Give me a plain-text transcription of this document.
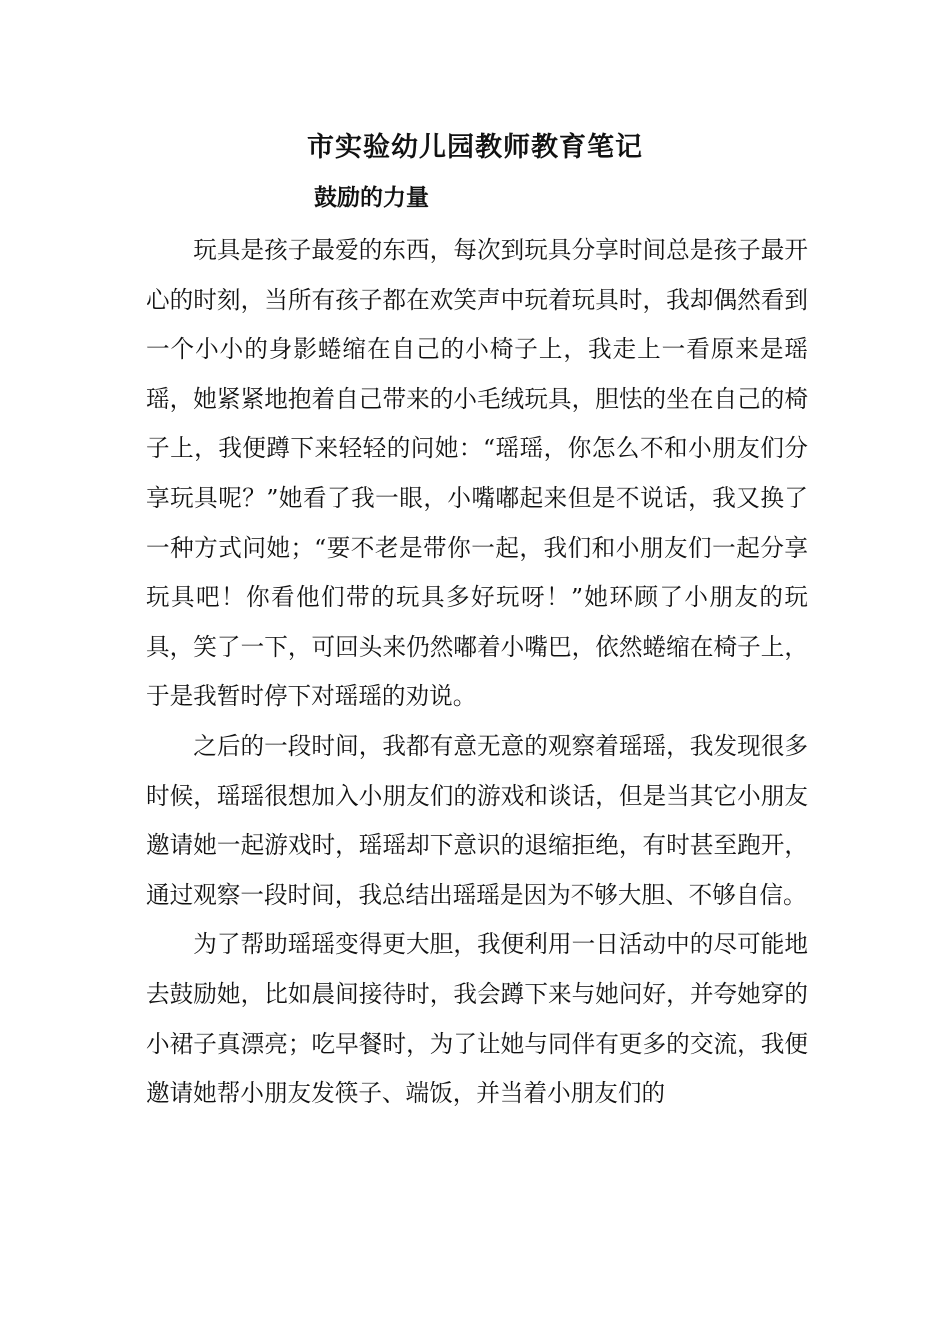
市实验幼儿园教师教育笔记
鼓励的力量

玩具是孩子最爱的东西，每次到玩具分享时间总是孩子最开心的时刻，当所有孩子都在欢笑声中玩着玩具时，我却偶然看到一个小小的身影蜷缩在自己的小椅子上，我走上一看原来是瑶瑶，她紧紧地抱着自己带来的小毛绒玩具，胆怯的坐在自己的椅子上，我便蹲下来轻轻的问她：“瑶瑶，你怎么不和小朋友们分享玩具呢？”她看了我一眼，小嘴嘟起来但是不说话，我又换了一种方式问她；“要不老是带你一起，我们和小朋友们一起分享玩具吧！你看他们带的玩具多好玩呀！”她环顾了小朋友的玩具，笑了一下，可回头来仍然嘟着小嘴巴，依然蜷缩在椅子上，于是我暂时停下对瑶瑶的劝说。

之后的一段时间，我都有意无意的观察着瑶瑶，我发现很多时候，瑶瑶很想加入小朋友们的游戏和谈话，但是当其它小朋友邀请她一起游戏时，瑶瑶却下意识的退缩拒绝，有时甚至跑开，通过观察一段时间，我总结出瑶瑶是因为不够大胆、不够自信。

为了帮助瑶瑶变得更大胆，我便利用一日活动中的尽可能地去鼓励她，比如晨间接待时，我会蹲下来与她问好，并夸她穿的小裙子真漂亮；吃早餐时，为了让她与同伴有更多的交流，我便邀请她帮小朋友发筷子、端饭，并当着小朋友们的
